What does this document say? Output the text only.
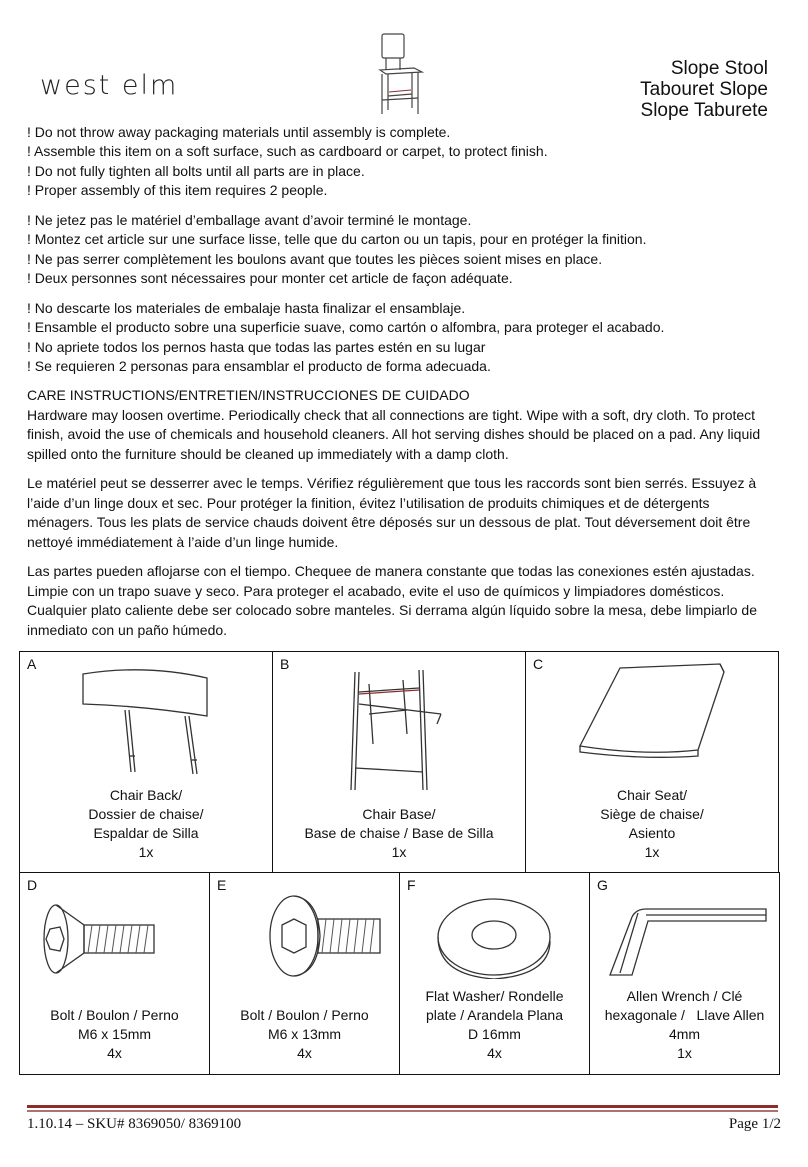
west elm
Slope Stool
Tabouret Slope
Slope Taburete
! Do not throw away packaging materials until assembly is complete.
! Assemble this item on a soft surface, such as cardboard or carpet, to protect finish.
! Do not fully tighten all bolts until all parts are in place.
! Proper assembly of this item requires 2 people.
! Ne jetez pas le matériel d’emballage avant d’avoir terminé le montage.
! Montez cet article sur une surface lisse, telle que du carton ou un tapis, pour en protéger la finition.
! Ne pas serrer complètement les boulons avant que toutes les pièces soient mises en place.
! Deux personnes sont nécessaires pour monter cet article de façon adéquate.
! No descarte los materiales de embalaje hasta finalizar el ensamblaje.
! Ensamble el producto sobre una superficie suave, como cartón o alfombra, para proteger el acabado.
! No apriete todos los pernos hasta que todas las partes estén en su lugar
! Se requieren 2 personas para ensamblar el producto de forma adecuada.

CARE INSTRUCTIONS/ENTRETIEN/INSTRUCCIONES DE CUIDADO

Hardware may loosen overtime. Periodically check that all connections are tight. Wipe with a soft, dry cloth. To protect finish, avoid the use of chemicals and household cleaners. All hot serving dishes should be placed on a pad. Any liquid spilled onto the furniture should be cleaned up immediately with a damp cloth.

Le matériel peut se desserrer avec le temps. Vérifiez régulièrement que tous les raccords sont bien serrés. Essuyez à l’aide d’un linge doux et sec. Pour protéger la finition, évitez l’utilisation de produits chimiques et de détergents ménagers. Tous les plats de service chauds doivent être déposés sur un dessous de plat. Tout déversement doit être nettoyé immédiatement à l’aide d’un linge humide.

Las partes pueden aflojarse con el tiempo. Chequee de manera constante que todas las conexiones estén ajustadas. Limpie con un trapo suave y seco. Para proteger el acabado, evite el uso de químicos y limpiadores domésticos. Cualquier plato caliente debe ser colocado sobre manteles. Si derrama algún líquido sobre la mesa, debe limpiarlo de inmediato con un paño húmedo.

A
Chair Back/
Dossier de chaise/
Espaldar de Silla
1x

B
Chair Base/
Base de chaise / Base de Silla
1x

C
Chair Seat/
Siège de chaise/
Asiento
1x
D
Bolt / Boulon / Perno
M6 x 15mm
4x

E
Bolt / Boulon / Perno
M6 x 13mm
4x

F
Flat Washer/ Rondelle
plate / Arandela Plana
D 16mm
4x

G
Allen Wrench / Clé
hexagonale /   Llave Allen
4mm
1x
1.10.14 – SKU# 8369050/ 8369100	Page 1/2
